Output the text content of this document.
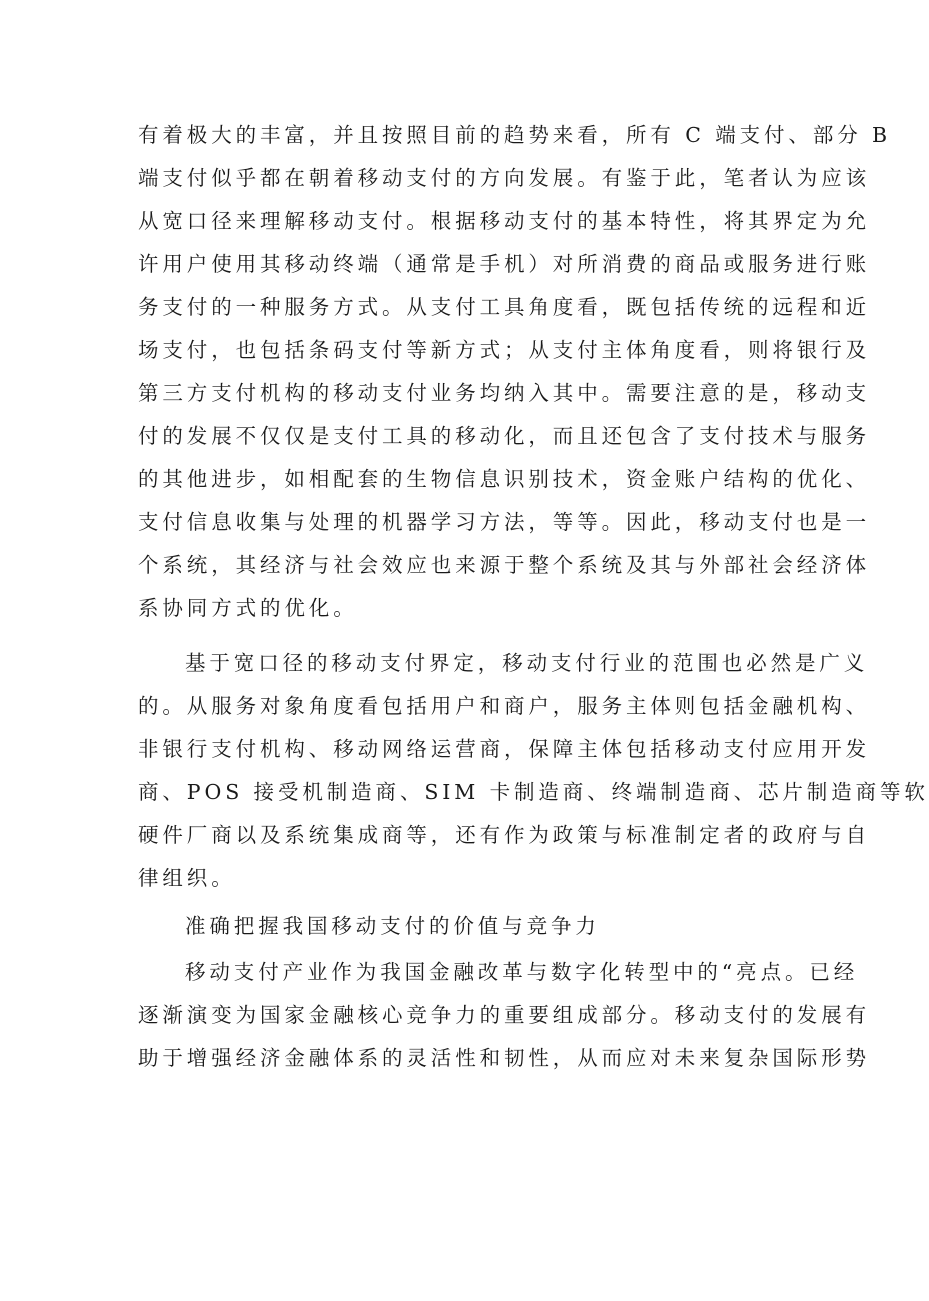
有着极大的丰富，并且按照目前的趋势来看，所有 C 端支付、部分 B
端支付似乎都在朝着移动支付的方向发展。有鉴于此，笔者认为应该
从宽口径来理解移动支付。根据移动支付的基本特性，将其界定为允
许用户使用其移动终端（通常是手机）对所消费的商品或服务进行账
务支付的一种服务方式。从支付工具角度看，既包括传统的远程和近
场支付，也包括条码支付等新方式；从支付主体角度看，则将银行及
第三方支付机构的移动支付业务均纳入其中。需要注意的是，移动支
付的发展不仅仅是支付工具的移动化，而且还包含了支付技术与服务
的其他进步，如相配套的生物信息识别技术，资金账户结构的优化、
支付信息收集与处理的机器学习方法，等等。因此，移动支付也是一
个系统，其经济与社会效应也来源于整个系统及其与外部社会经济体
系协同方式的优化。
基于宽口径的移动支付界定，移动支付行业的范围也必然是广义
的。从服务对象角度看包括用户和商户，服务主体则包括金融机构、
非银行支付机构、移动网络运营商，保障主体包括移动支付应用开发
商、POS 接受机制造商、SIM 卡制造商、终端制造商、芯片制造商等软
硬件厂商以及系统集成商等，还有作为政策与标准制定者的政府与自
律组织。
准确把握我国移动支付的价值与竞争力
移动支付产业作为我国金融改革与数字化转型中的“亮点。已经
逐渐演变为国家金融核心竞争力的重要组成部分。移动支付的发展有
助于增强经济金融体系的灵活性和韧性，从而应对未来复杂国际形势
